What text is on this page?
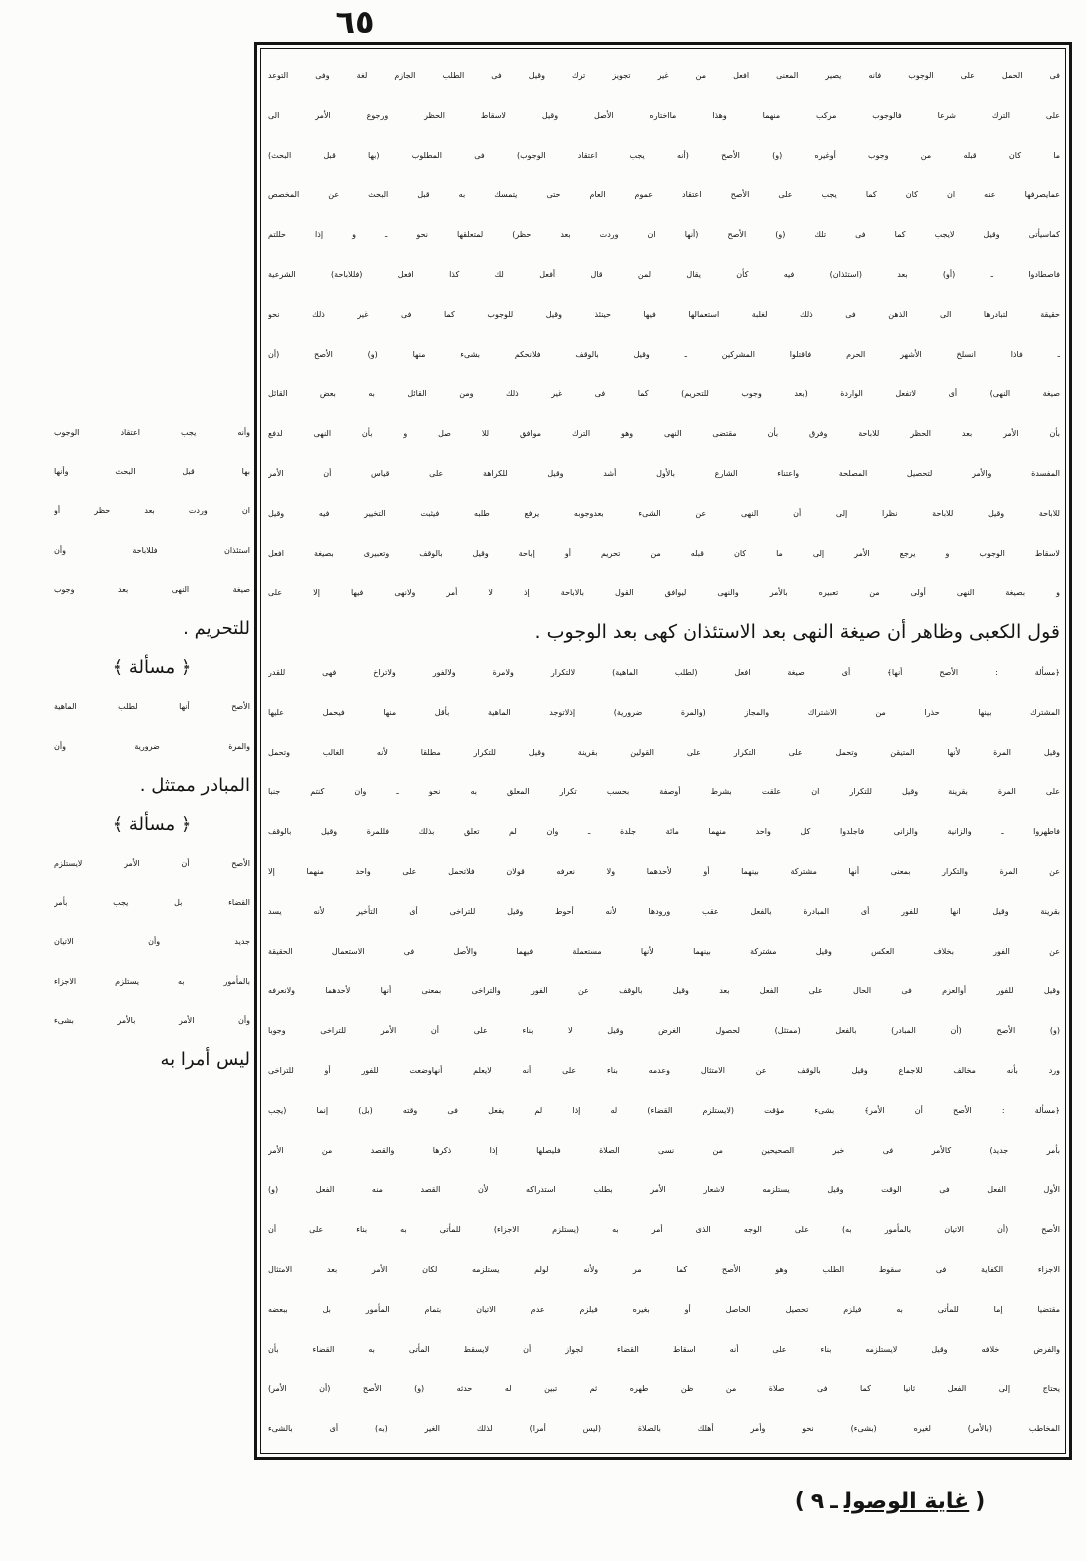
٦٥
فى الحمل على الوجوب فانه يصير المعنى افعل من غير تجويز ترك وقيل فى الطلب الجازم لغة وفى التوعد
على الترك شرعا فالوجوب مركب منهما وهذا مااختاره الأصل وقيل لاسقاط الحظر ورجوع الأمر الى
ما كان قبله من وجوب أوغيره (و) الأصح (أنه يجب اعتقاد الوجوب) فى المطلوب (بها قبل البحث)
عمايصرفها عنه ان كان كما يجب على الأصح اعتقاد عموم العام حتى يتمسك به قبل البحث عن المخصص
كماسيأتى وقيل لايجب كما فى تلك (و) الأصح (أنها ان وردت بعد حظر) لمتعلقها نحو ـ و إذا حللتم
فاصطادوا ـ (أو) بعد (استئذان) فيه كأن يقال لمن قال أفعل لك كذا افعل (فللاباحة) الشرعية
حقيقة لتبادرها الى الذهن فى ذلك لغلبة استعمالها فيها حينئذ وقيل للوجوب كما فى غير ذلك نحو
ـ فاذا انسلخ الأشهر الحرم فاقتلوا المشركين ـ وقيل بالوقف فلانحكم بشىء منها (و) الأصح (أن
صيغة النهى) أى لاتفعل الواردة (بعد وجوب للتحريم) كما فى غير ذلك ومن القائل به بعض القائل
بأن الأمر بعد الحظر للاباحة وفرق بأن مقتضى النهى وهو الترك موافق للا صل و بأن النهى لدفع
المفسدة والأمر لتحصيل المصلحة واعتناء الشارع بالأول أشد وقيل للكراهة على قياس أن الأمر
للاباحة وقيل للاباحة نظرا إلى أن النهى عن الشىء بعدوجوبه يرفع طلبه فيثبت التخيير فيه وقيل
لاسقاط الوجوب و يرجع الأمر إلى ما كان قبله من تحريم أو إباحة وقيل بالوقف وتعبيرى بصيغة افعل
و بصيغة النهى أولى من تعبيره بالأمر والنهى ليوافق القول بالاباحة إذ لا أمر ولانهى فيها إلا على
قول الكعبى وظاهر أن صيغة النهى بعد الاستئذان كهى بعد الوجوب .
﴿مسألة : الأصح أنها﴾ أى صيغة افعل (لطلب الماهية) لالتكرار ولامرة ولالفور ولاتراخ فهى للقدر
المشترك بينها حذرا من الاشتراك والمجاز (والمرة ضرورية) إذلاتوجد الماهية بأقل منها فيحمل عليها
وقيل المرة لأنها المتيقن وتحمل على التكرار على القولين بقرينة وقيل للتكرار مطلقا لأنه الغالب وتحمل
على المرة بقرينة وقيل للتكرار ان علقت بشرط أوصفة بحسب تكرار المعلق به نحو ـ وان كنتم جنبا
فاطهروا ـ والزانية والزانى فاجلدوا كل واحد منهما مائة جلدة ـ وان لم تعلق بذلك فللمرة وقيل بالوقف
عن المرة والتكرار بمعنى أنها مشتركة بينهما أو لأحدهما ولا نعرفه قولان فلاتحمل على واحد منهما إلا
بقرينة وقيل انها للفور أى المبادرة بالفعل عقب ورودها لأنه أحوط وقيل للتراخى أى التأخير لأنه يسد
عن الفور بخلاف العكس وقيل مشتركة بينهما لأنها مستعملة فيهما والأصل فى الاستعمال الحقيقة
وقيل للفور أوالعزم فى الحال على الفعل بعد وقيل بالوقف عن الفور والتراخى بمعنى أنها لأحدهما ولانعرفه
(و) الأصح (أن المبادر) بالفعل (ممتثل) لحصول الغرض وقيل لا بناء على أن الأمر للتراخى وجوبا
ورد بأنه مخالف للاجماع وقيل بالوقف عن الامتثال وعدمه بناء على أنه لايعلم أنهاوضعت للفور أو للتراخى
﴿مسألة : الأصح أن الأمر﴾ بشىء مؤقت (لايستلزم القضاء) له إذا لم يفعل فى وقته (بل) إنما (يجب
بأمر جديد) كالأمر فى خبر الصحيحين من نسى الصلاة فليصلها إذا ذكرها والقصد من الأمر
الأول الفعل فى الوقت وقيل يستلزمه لاشعار الأمر بطلب استدراكه لأن القصد منه الفعل (و)
الأصح (أن الاتيان بالمأمور به) على الوجه الذى أمر به (يستلزم الاجزاء) للمأتى به بناء على أن
الاجزاء الكفاية فى سقوط الطلب وهو الأصح كما مر ولأنه لولم يستلزمه لكان الأمر بعد الامتثال
مقتضيا إما للمأتى به فيلزم تحصيل الحاصل أو بغيره فيلزم عدم الاتيان بتمام المأمور بل ببعضه
والفرض خلافه وقيل لايستلزمه بناء على أنه اسقاط القضاء لجواز أن لايسقط المأتى به القضاء بأن
يحتاج إلى الفعل ثانيا كما فى صلاة من ظن طهره ثم تبين له حدثه (و) الأصح (أن الأمر)
المخاطب (بالأمر) لغيره (بشىء) نحو وأمر أهلك بالصلاة (ليس أمرا) لذلك الغير (به) أى بالشىء
وأنه يجب اعتقاد الوجوب
بها قبل البحث وأنها
ان وردت بعد حظر أو
استئذان فللاباحة وأن
صيغة النهى بعد وجوب
للتحريم .
﴿ مسألة ﴾
الأصح أنها لطلب الماهية
والمرة ضرورية وأن
المبادر ممتثل .
﴿ مسألة ﴾
الأصح أن الأمر لايستلزم
القضاء بل يجب بأمر
جديد وأن الاتيان
بالمأمور به يستلزم الاجزاء
وأن الأمر بالأمر بشىء
ليس أمرا به
(غاية الوصولـ٩)
